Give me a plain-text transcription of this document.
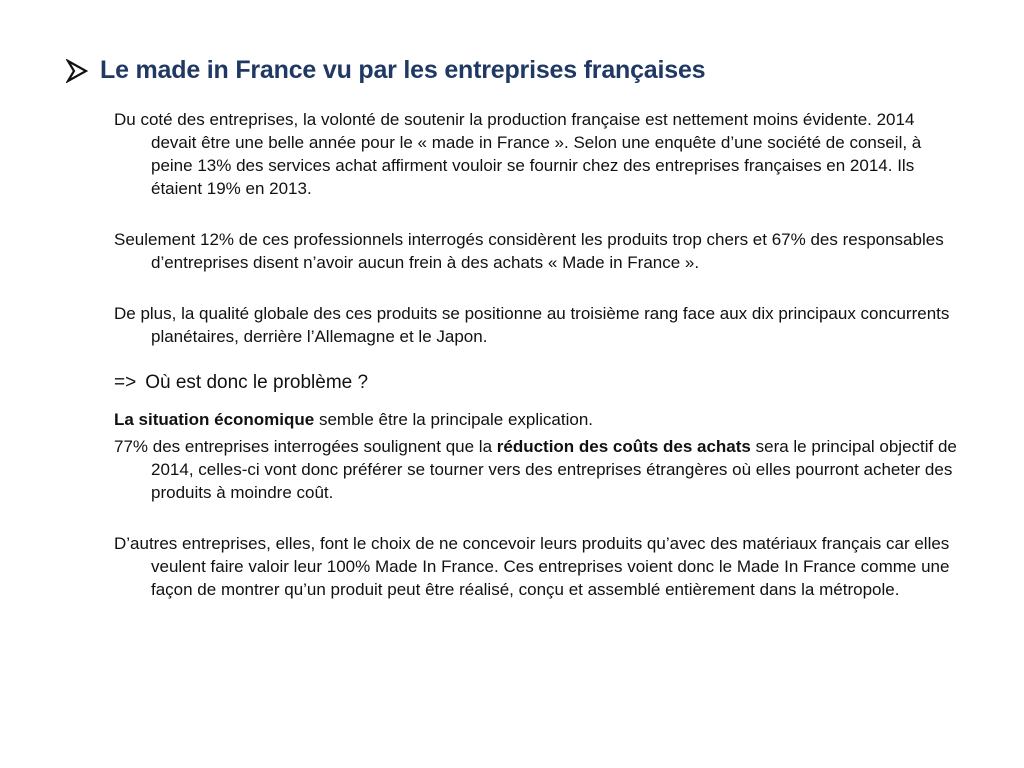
Le made in France vu par les entreprises françaises

Du coté des entreprises, la volonté de soutenir la production française est nettement moins évidente. 2014 devait être une belle année pour le « made in France ». Selon une enquête d’une société de conseil, à peine 13% des services achat affirment vouloir se fournir chez des entreprises françaises en 2014. Ils étaient 19% en 2013.

Seulement 12% de ces professionnels interrogés considèrent les produits trop chers et 67% des responsables d’entreprises disent n’avoir aucun frein à des achats « Made in France ».

De plus, la qualité globale des ces produits se positionne au troisième rang face aux dix principaux concurrents planétaires, derrière l’Allemagne et le Japon.

=> Où est donc le problème ?

La situation économique semble être la principale explication.

77% des entreprises interrogées soulignent que la réduction des coûts des achats sera le principal objectif de 2014, celles-ci vont donc préférer se tourner vers des entreprises étrangères où elles pourront acheter des produits à moindre coût.

D’autres entreprises, elles, font le choix de ne concevoir leurs produits qu’avec des matériaux français car elles veulent faire valoir leur 100% Made In France. Ces entreprises voient donc le Made In France comme une façon de montrer qu’un produit peut être réalisé, conçu et assemblé entièrement dans la métropole.
